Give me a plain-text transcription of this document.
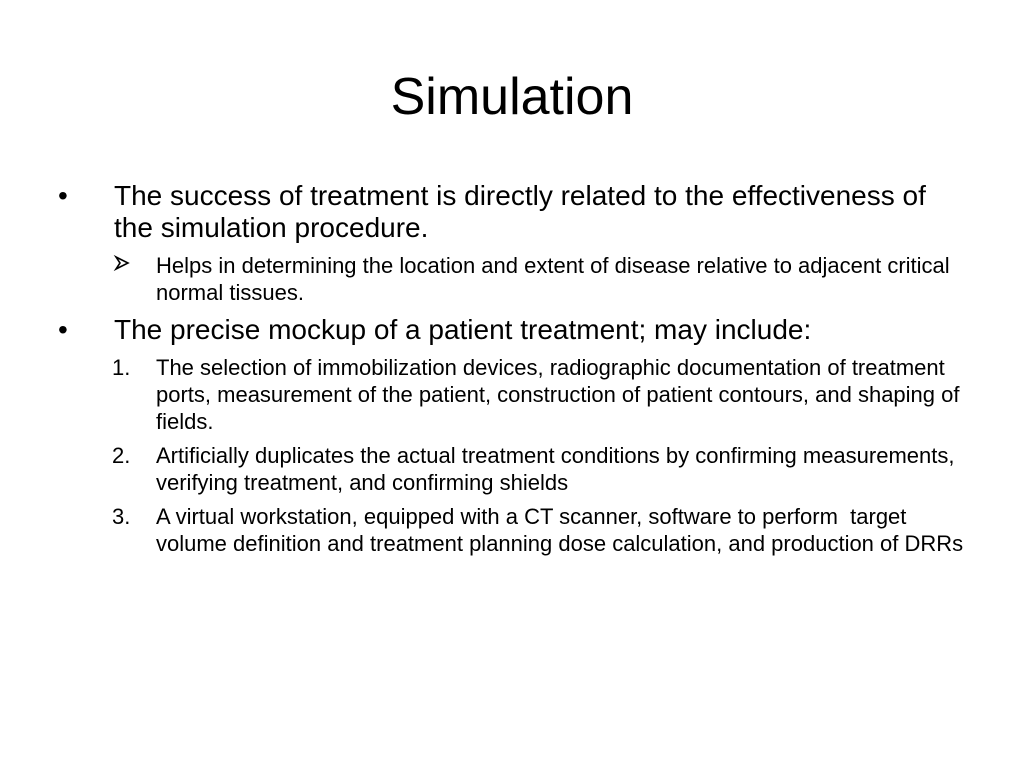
Simulation
• The success of treatment is directly related to the effectiveness of the simulation procedure.
Helps in determining the location and extent of disease relative to adjacent critical normal tissues.
• The precise mockup of a patient treatment; may include:
1. The selection of immobilization devices, radiographic documentation of treatment ports, measurement of the patient, construction of patient contours, and shaping of fields.
2. Artificially duplicates the actual treatment conditions by confirming measurements, verifying treatment, and confirming shields
3. A virtual workstation, equipped with a CT scanner, software to perform  target volume definition and treatment planning dose calculation, and production of DRRs
